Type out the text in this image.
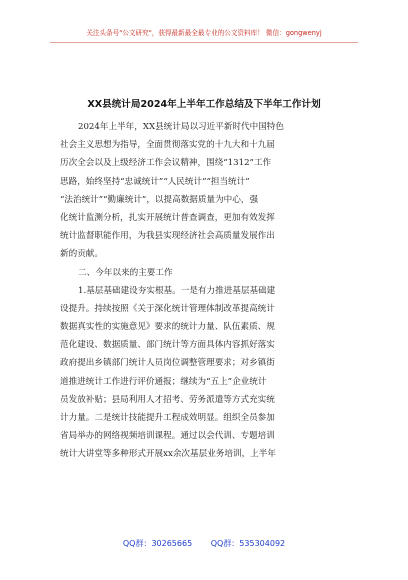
关注头条号"公文研究"，获得最新最全最专业的公文资料库！ 微信：gongwenyj
XX县统计局2024年上半年工作总结及下半年工作计划
2024年上半年，XX县统计局以习近平新时代中国特色
社会主义思想为指导，全面贯彻落实党的十九大和十九届
历次全会以及上级经济工作会议精神，围绕“1312”工作
思路，始终坚持“忠诚统计”“人民统计”“担当统计”
“法治统计”“勤廉统计”，以提高数据质量为中心，强
化统计监测分析，扎实开展统计普查调查，更加有效发挥
统计监督职能作用，为我县实现经济社会高质量发展作出
新的贡献。
二、今年以来的主要工作
1.基层基础建设夯实根基。一是有力推进基层基础建
设提升。持续按照《关于深化统计管理体制改革提高统计
数据真实性的实施意见》要求的统计力量、队伍素质、规
范化建设、数据质量、部门统计等方面具体内容抓好落实
政府提出乡镇部门统计人员岗位调整管理要求；对乡镇街
道推进统计工作进行评价通报；继续为“五上”企业统计
员发放补贴；县局利用人才招考、劳务派遣等方式充实统
计力量。二是统计技能提升工程成效明显。组织全员参加
省局举办的网络视频培训课程。通过以会代训、专题培训
统计大讲堂等多种形式开展xx余次基层业务培训，上半年
QQ群：30265665 QQ群：535304092
